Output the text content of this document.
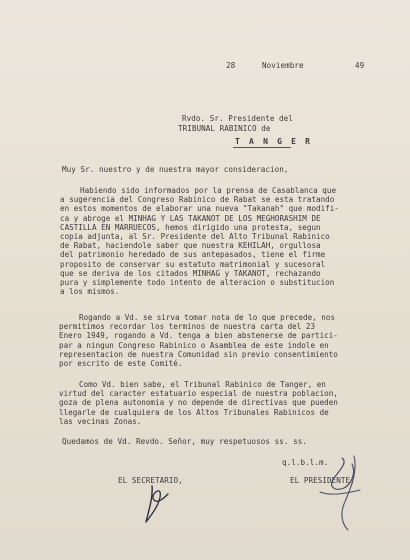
28	Noviembre	49
Rvdo. Sr. Presidente del
TRIBUNAL RABINICO de
T A N G E R
Muy Sr. nuestro y de nuestra mayor consideracion,
Habiendo sido informados por la prensa de Casablanca que
a sugerencia del Congreso Rabinico de Rabat se esta tratando
en estos momentos de elaborar una nueva "Takanah" que modifi-
ca y abroge el MINHAG Y LAS TAKANOT DE LOS MEGHORASHIM DE
CASTILLA EN MARRUECOS, hemos dirigido una protesta, segun
copia adjunta, al Sr. Presidente del Alto Tribunal Rabinico
de Rabat, haciendole saber que nuestra KEHILAH, orgullosa
del patrimonio heredado de sus antepasados, tiene el firme
proposito de conservar su estatuto matrimonial y sucesoral
que se deriva de los citados MINHAG y TAKANOT, rechazando
pura y simplemente todo intento de alteracion o substitucion
a los mismos.
Rogando a Vd. se sirva tomar nota de lo que precede, nos
permitimos recordar los terminos de nuestra carta del 23
Enero 1949, rogando a Vd. tenga a bien abstenerse de partici-
par a ningun Congreso Rabinico o Asamblea de este indole en
representacion de nuestra Comunidad sin previo consentimiento
por escrito de este Comité.
Como Vd. bien sabe, el Tribunal Rabinico de Tanger, en
virtud del caracter estatuario especial de nuestra poblacion,
goza de plena autonomia y no depende de directivas que pueden
llegarle de cualquiera de los Altos Tribunales Rabinicos de
las vecinas Zonas.
Quedamos de Vd. Revdo. Señor, muy respetuosos ss. ss.
q.l.b.l.m.
EL SECRETARIO,	EL PRESIDENTE,
